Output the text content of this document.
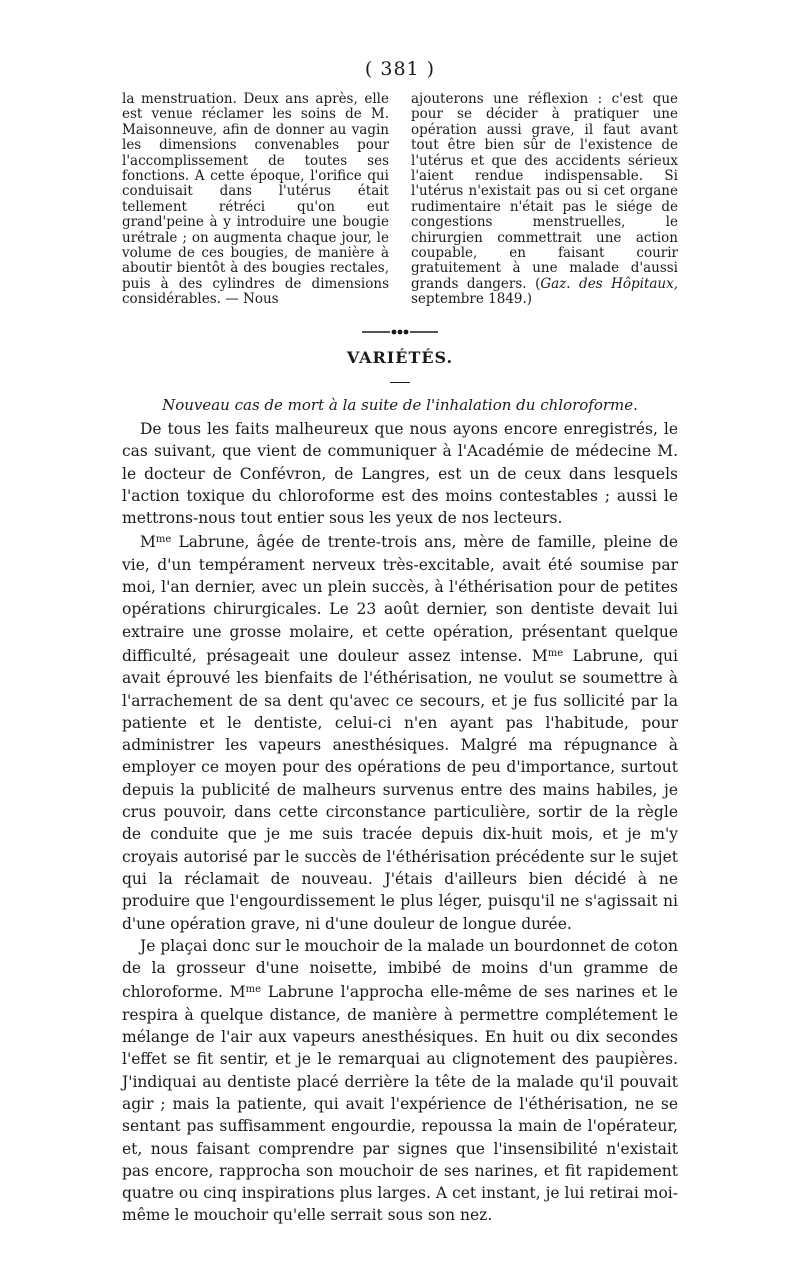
( 381 )

la menstruation. Deux ans après, elle est venue réclamer les soins de M. Maisonneuve, afin de donner au vagin les dimensions convenables pour l'accomplissement de toutes ses fonctions. A cette époque, l'orifice qui conduisait dans l'utérus était tellement rétréci qu'on eut grand'peine à y introduire une bougie urétrale ; on augmenta chaque jour, le volume de ces bougies, de manière à aboutir bientôt à des bougies rectales, puis à des cylindres de dimensions considérables. — Nous

ajouterons une réflexion : c'est que pour se décider à pratiquer une opération aussi grave, il faut avant tout être bien sûr de l'existence de l'utérus et que des accidents sérieux l'aient rendue indispensable. Si l'utérus n'existait pas ou si cet organe rudimentaire n'était pas le siége de congestions menstruelles, le chirurgien commettrait une action coupable, en faisant courir gratuitement à une malade d'aussi grands dangers. (Gaz. des Hôpitaux, septembre 1849.)

VARIÉTÉS.
Nouveau cas de mort à la suite de l'inhalation du chloroforme.

De tous les faits malheureux que nous ayons encore enregistrés, le cas suivant, que vient de communiquer à l'Académie de médecine M. le docteur de Confévron, de Langres, est un de ceux dans lesquels l'action toxique du chloroforme est des moins contestables ; aussi le mettrons-nous tout entier sous les yeux de nos lecteurs.

$M^{me}$ Labrune, âgée de trente-trois ans, mère de famille, pleine de vie, d'un tempérament nerveux très-excitable, avait été soumise par moi, l'an dernier, avec un plein succès, à l'éthérisation pour de petites opérations chirurgicales. Le 23 août dernier, son dentiste devait lui extraire une grosse molaire, et cette opération, présentant quelque difficulté, présageait une douleur assez intense. $M^{me}$ Labrune, qui avait éprouvé les bienfaits de l'éthérisation, ne voulut se soumettre à l'arrachement de sa dent qu'avec ce secours, et je fus sollicité par la patiente et le dentiste, celui-ci n'en ayant pas l'habitude, pour administrer les vapeurs anesthésiques. Malgré ma répugnance à employer ce moyen pour des opérations de peu d'importance, surtout depuis la publicité de malheurs survenus entre des mains habiles, je crus pouvoir, dans cette circonstance particulière, sortir de la règle de conduite que je me suis tracée depuis dix-huit mois, et je m'y croyais autorisé par le succès de l'éthérisation précédente sur le sujet qui la réclamait de nouveau. J'étais d'ailleurs bien décidé à ne produire que l'engourdissement le plus léger, puisqu'il ne s'agissait ni d'une opération grave, ni d'une douleur de longue durée.

Je plaçai donc sur le mouchoir de la malade un bourdonnet de coton de la grosseur d'une noisette, imbibé de moins d'un gramme de chloroforme. $M^{me}$ Labrune l'approcha elle-même de ses narines et le respira à quelque distance, de manière à permettre complétement le mélange de l'air aux vapeurs anesthésiques. En huit ou dix secondes l'effet se fit sentir, et je le remarquai au clignotement des paupières. J'indiquai au dentiste placé derrière la tête de la malade qu'il pouvait agir ; mais la patiente, qui avait l'expérience de l'éthérisation, ne se sentant pas suffisamment engourdie, repoussa la main de l'opérateur, et, nous faisant comprendre par signes que l'insensibilité n'existait pas encore, rapprocha son mouchoir de ses narines, et fit rapidement quatre ou cinq inspirations plus larges. A cet instant, je lui retirai moi-même le mouchoir qu'elle serrait sous son nez.
